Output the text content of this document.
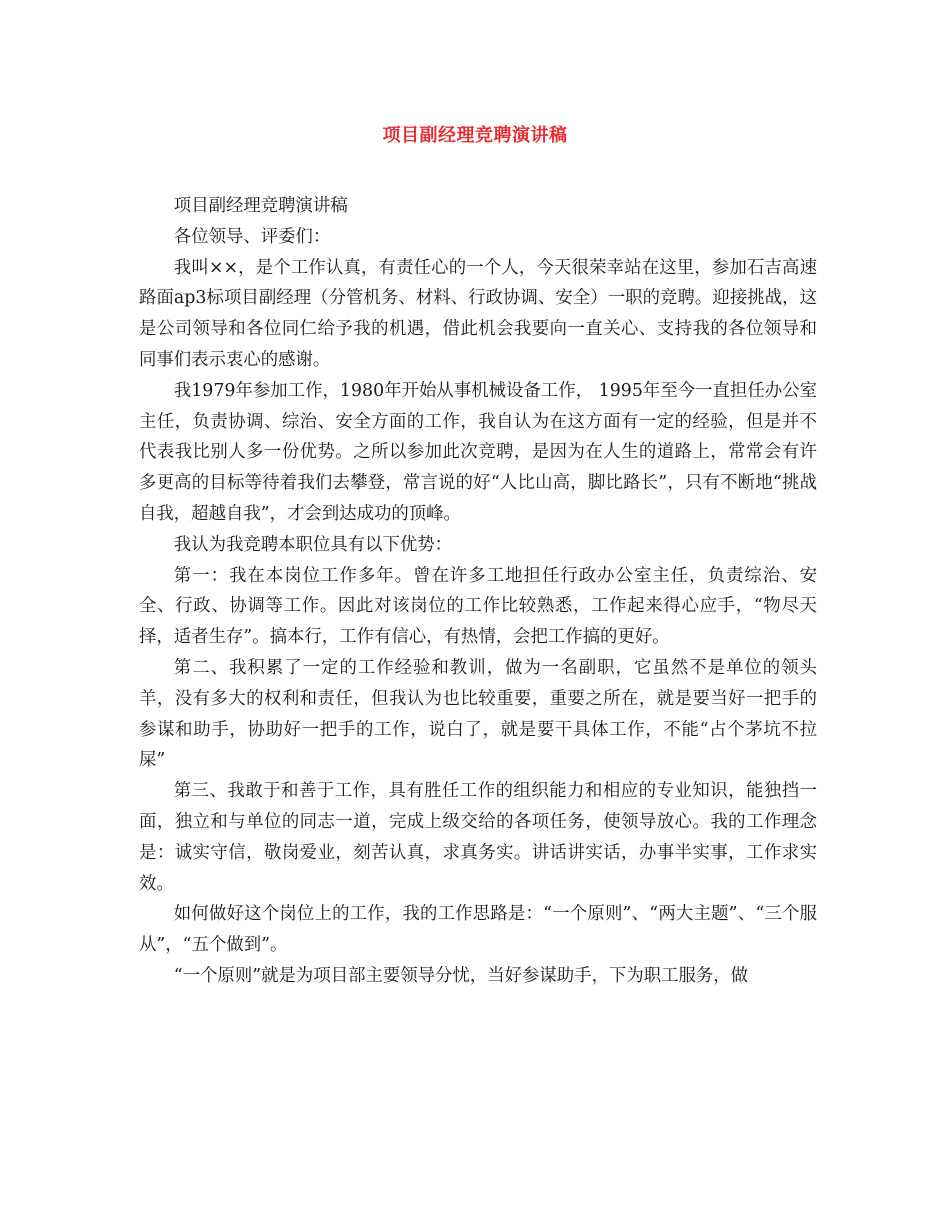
项目副经理竞聘演讲稿

项目副经理竞聘演讲稿

各位领导、评委们：

我叫××，是个工作认真，有责任心的一个人，今天很荣幸站在这里，参加石吉高速路面ap3标项目副经理（分管机务、材料、行政协调、安全）一职的竞聘。迎接挑战，这是公司领导和各位同仁给予我的机遇，借此机会我要向一直关心、支持我的各位领导和同事们表示衷心的感谢。

我1979年参加工作，1980年开始从事机械设备工作， 1995年至今一直担任办公室主任，负责协调、综治、安全方面的工作，我自认为在这方面有一定的经验，但是并不代表我比别人多一份优势。之所以参加此次竞聘，是因为在人生的道路上，常常会有许多更高的目标等待着我们去攀登，常言说的好“人比山高，脚比路长”，只有不断地“挑战自我，超越自我”，才会到达成功的顶峰。

我认为我竞聘本职位具有以下优势：

第一：我在本岗位工作多年。曾在许多工地担任行政办公室主任，负责综治、安全、行政、协调等工作。因此对该岗位的工作比较熟悉，工作起来得心应手，“物尽天择，适者生存”。搞本行，工作有信心，有热情，会把工作搞的更好。

第二、我积累了一定的工作经验和教训，做为一名副职，它虽然不是单位的领头羊，没有多大的权利和责任，但我认为也比较重要，重要之所在，就是要当好一把手的参谋和助手，协助好一把手的工作，说白了，就是要干具体工作，不能“占个茅坑不拉屎”

第三、我敢于和善于工作，具有胜任工作的组织能力和相应的专业知识，能独挡一面，独立和与单位的同志一道，完成上级交给的各项任务，使领导放心。我的工作理念是：诚实守信，敬岗爱业，刻苦认真，求真务实。讲话讲实话，办事半实事，工作求实效。

如何做好这个岗位上的工作，我的工作思路是：“一个原则”、“两大主题”、“三个服从”，“五个做到”。

“一个原则”就是为项目部主要领导分忧，当好参谋助手，下为职工服务，做
